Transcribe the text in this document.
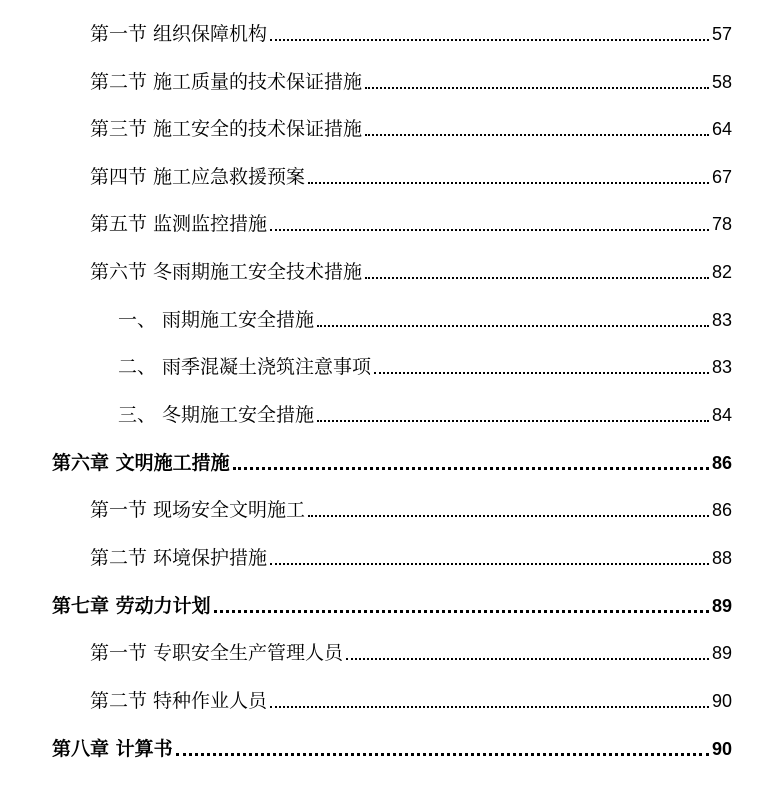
第一节 组织保障机构	57
第二节 施工质量的技术保证措施	58
第三节 施工安全的技术保证措施	64
第四节 施工应急救援预案	67
第五节 监测监控措施	78
第六节 冬雨期施工安全技术措施	82
一、 雨期施工安全措施	83
二、 雨季混凝土浇筑注意事项	83
三、 冬期施工安全措施	84
第六章 文明施工措施	86
第一节 现场安全文明施工	86
第二节 环境保护措施	88
第七章 劳动力计划	89
第一节 专职安全生产管理人员	89
第二节 特种作业人员	90
第八章 计算书	90
